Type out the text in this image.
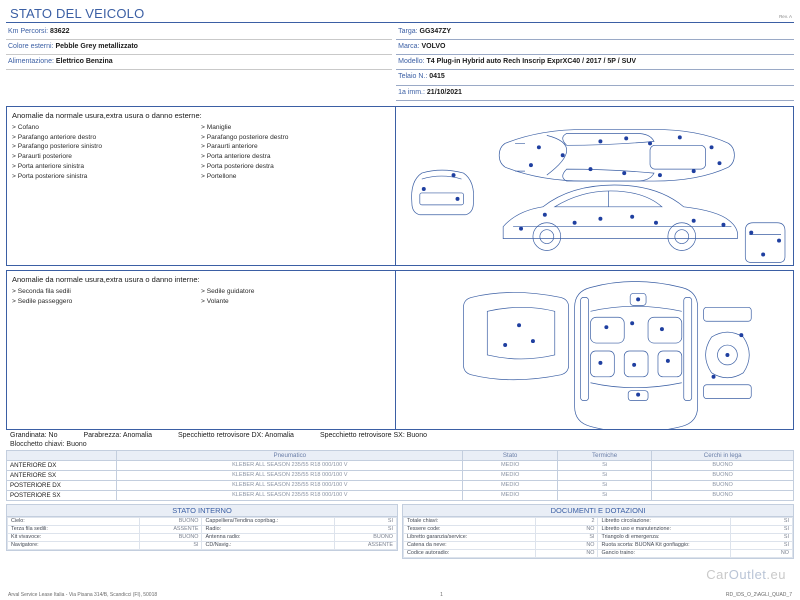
STATO DEL VEICOLO	Rev. A
Km Percorsi: 83622
Colore esterni: Pebble Grey metallizzato
Alimentazione: Elettrico Benzina
Targa: GG347ZY
Marca: VOLVO
Modello: T4 Plug-in Hybrid auto Rech Inscrip ExprXC40 / 2017 / 5P / SUV
Telaio N.: 0415
1a imm.: 21/10/2021
Anomalie da normale usura,extra usura o danno esterne:
> Cofano
> Parafango anteriore destro
> Parafango posteriore sinistro
> Paraurti posteriore
> Porta anteriore sinistra
> Porta posteriore sinistra
> Maniglie
> Parafango posteriore destro
> Paraurti anteriore
> Porta anteriore destra
> Porta posteriore destra
> Portellone
Anomalie da normale usura,extra usura o danno interne:
> Seconda fila sedili
> Sedile passeggero
> Sedile guidatore
> Volante
Grandinata: No	Parabrezza: Anomalia	Specchietto retrovisore DX: Anomalia	Specchietto retrovisore SX: Buono
Blocchetto chiavi: Buono
	Pneumatico	Stato	Termiche	Cerchi in lega
ANTERIORE DX	KLEBER ALL SEASON 235/55 R18 000/100 V	MEDIO	Si	BUONO
ANTERIORE SX	KLEBER ALL SEASON 235/55 R18 000/100 V	MEDIO	Si	BUONO
POSTERIORE DX	KLEBER ALL SEASON 235/55 R18 000/100 V	MEDIO	Si	BUONO
POSTERIORE SX	KLEBER ALL SEASON 235/55 R18 000/100 V	MEDIO	Si	BUONO
STATO INTERNO
Cielo:	BUONO	Cappelliera/Tendina copribag.:	SI
Terza fila sedili:	ASSENTE	Radio:	SI
Kit vivavoce:	BUONO	Antenna radio:	BUONO
Navigatore:	SI	CD/Navig.:	ASSENTE
DOCUMENTI E DOTAZIONI
Totale chiavi:	2	Libretto circolazione:	SI
Tessere code:	NO	Libretto uso e manutenzione:	SI
Libretto garanzia/service:	SI	Triangolo di emergenza:	SI
Catena da neve:	NO	Ruota scorta: BUONA Kit gonfiaggio:	SI
Codice autoradio:	NO	Gancio traino:	NO
CarOutlet.eu
Arval Service Lease Italia - Via Pisana 314/B, Scandicci (FI), 50018	1	RD_\DS_O_2\AGLI_QUAD_7
